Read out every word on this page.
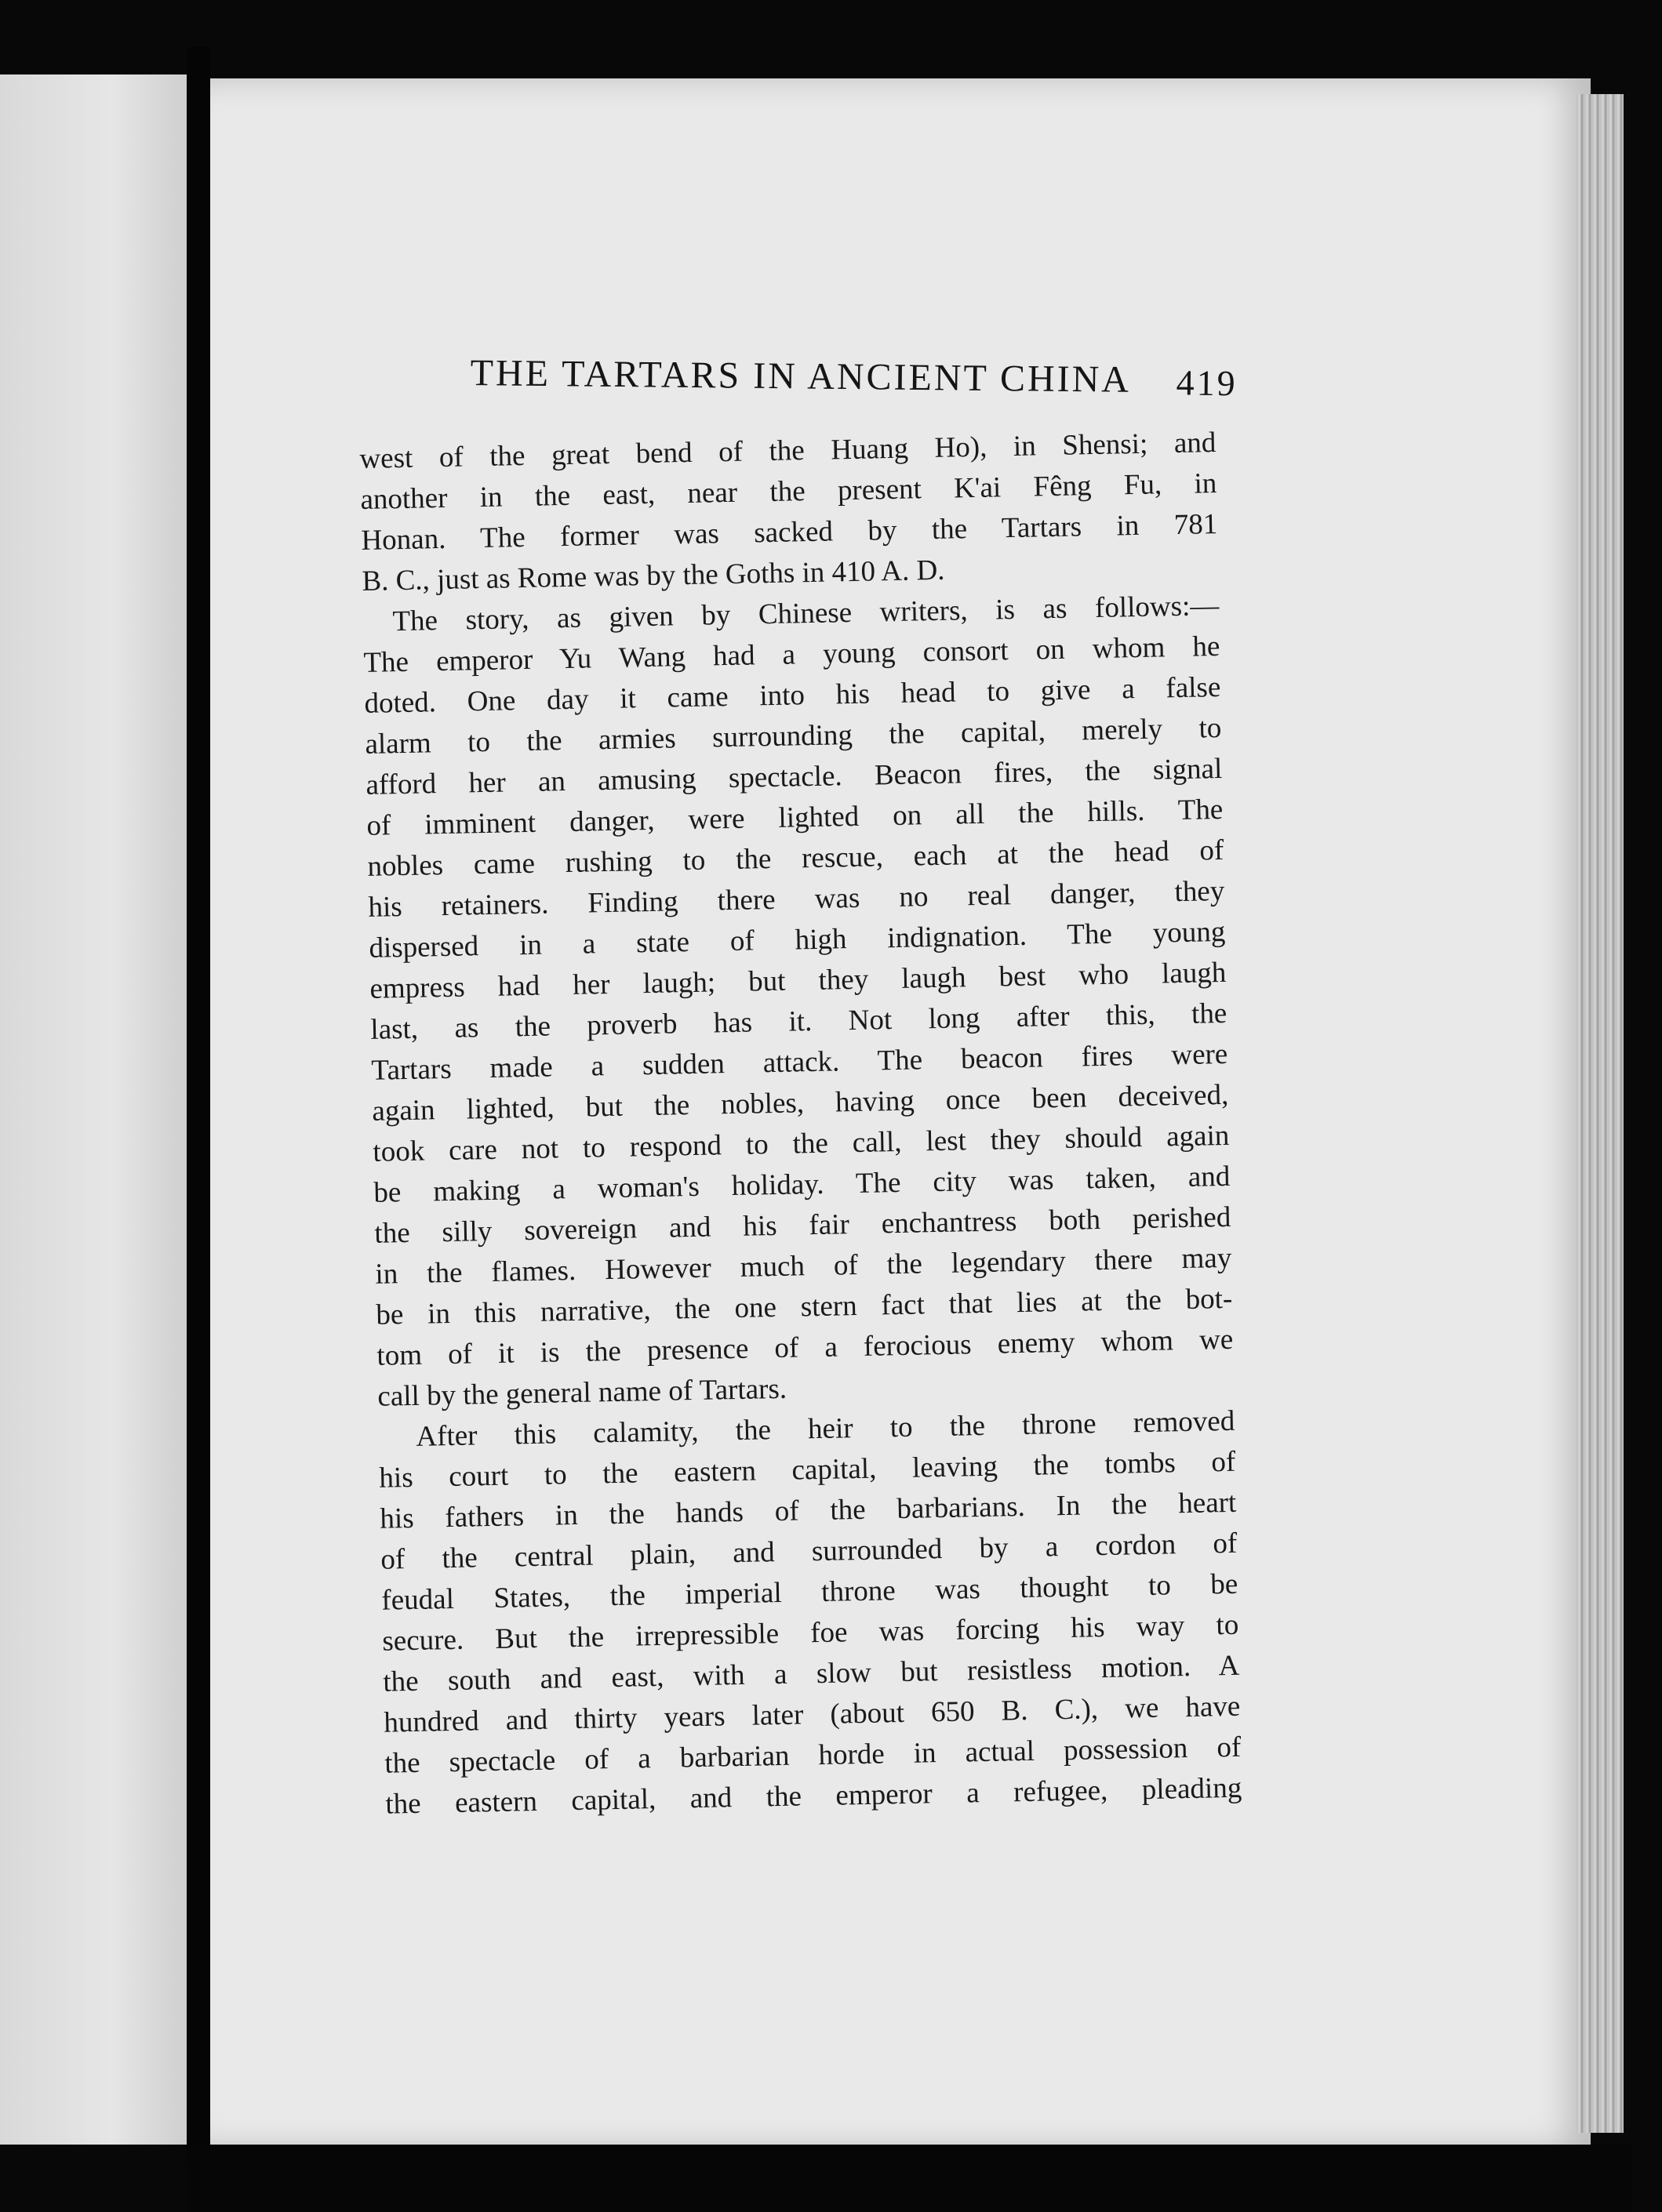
THE TARTARS IN ANCIENT CHINA 419
west of the great bend of the Huang Ho), in Shensi; and
another in the east, near the present K'ai Fêng Fu, in
Honan. The former was sacked by the Tartars in 781
B. C., just as Rome was by the Goths in 410 A. D.
The story, as given by Chinese writers, is as follows:—
The emperor Yu Wang had a young consort on whom he
doted. One day it came into his head to give a false
alarm to the armies surrounding the capital, merely to
afford her an amusing spectacle. Beacon fires, the signal
of imminent danger, were lighted on all the hills. The
nobles came rushing to the rescue, each at the head of
his retainers. Finding there was no real danger, they
dispersed in a state of high indignation. The young
empress had her laugh; but they laugh best who laugh
last, as the proverb has it. Not long after this, the
Tartars made a sudden attack. The beacon fires were
again lighted, but the nobles, having once been deceived,
took care not to respond to the call, lest they should again
be making a woman's holiday. The city was taken, and
the silly sovereign and his fair enchantress both perished
in the flames. However much of the legendary there may
be in this narrative, the one stern fact that lies at the bot-
tom of it is the presence of a ferocious enemy whom we
call by the general name of Tartars.
After this calamity, the heir to the throne removed
his court to the eastern capital, leaving the tombs of
his fathers in the hands of the barbarians. In the heart
of the central plain, and surrounded by a cordon of
feudal States, the imperial throne was thought to be
secure. But the irrepressible foe was forcing his way to
the south and east, with a slow but resistless motion. A
hundred and thirty years later (about 650 B. C.), we have
the spectacle of a barbarian horde in actual possession of
the eastern capital, and the emperor a refugee, pleading
